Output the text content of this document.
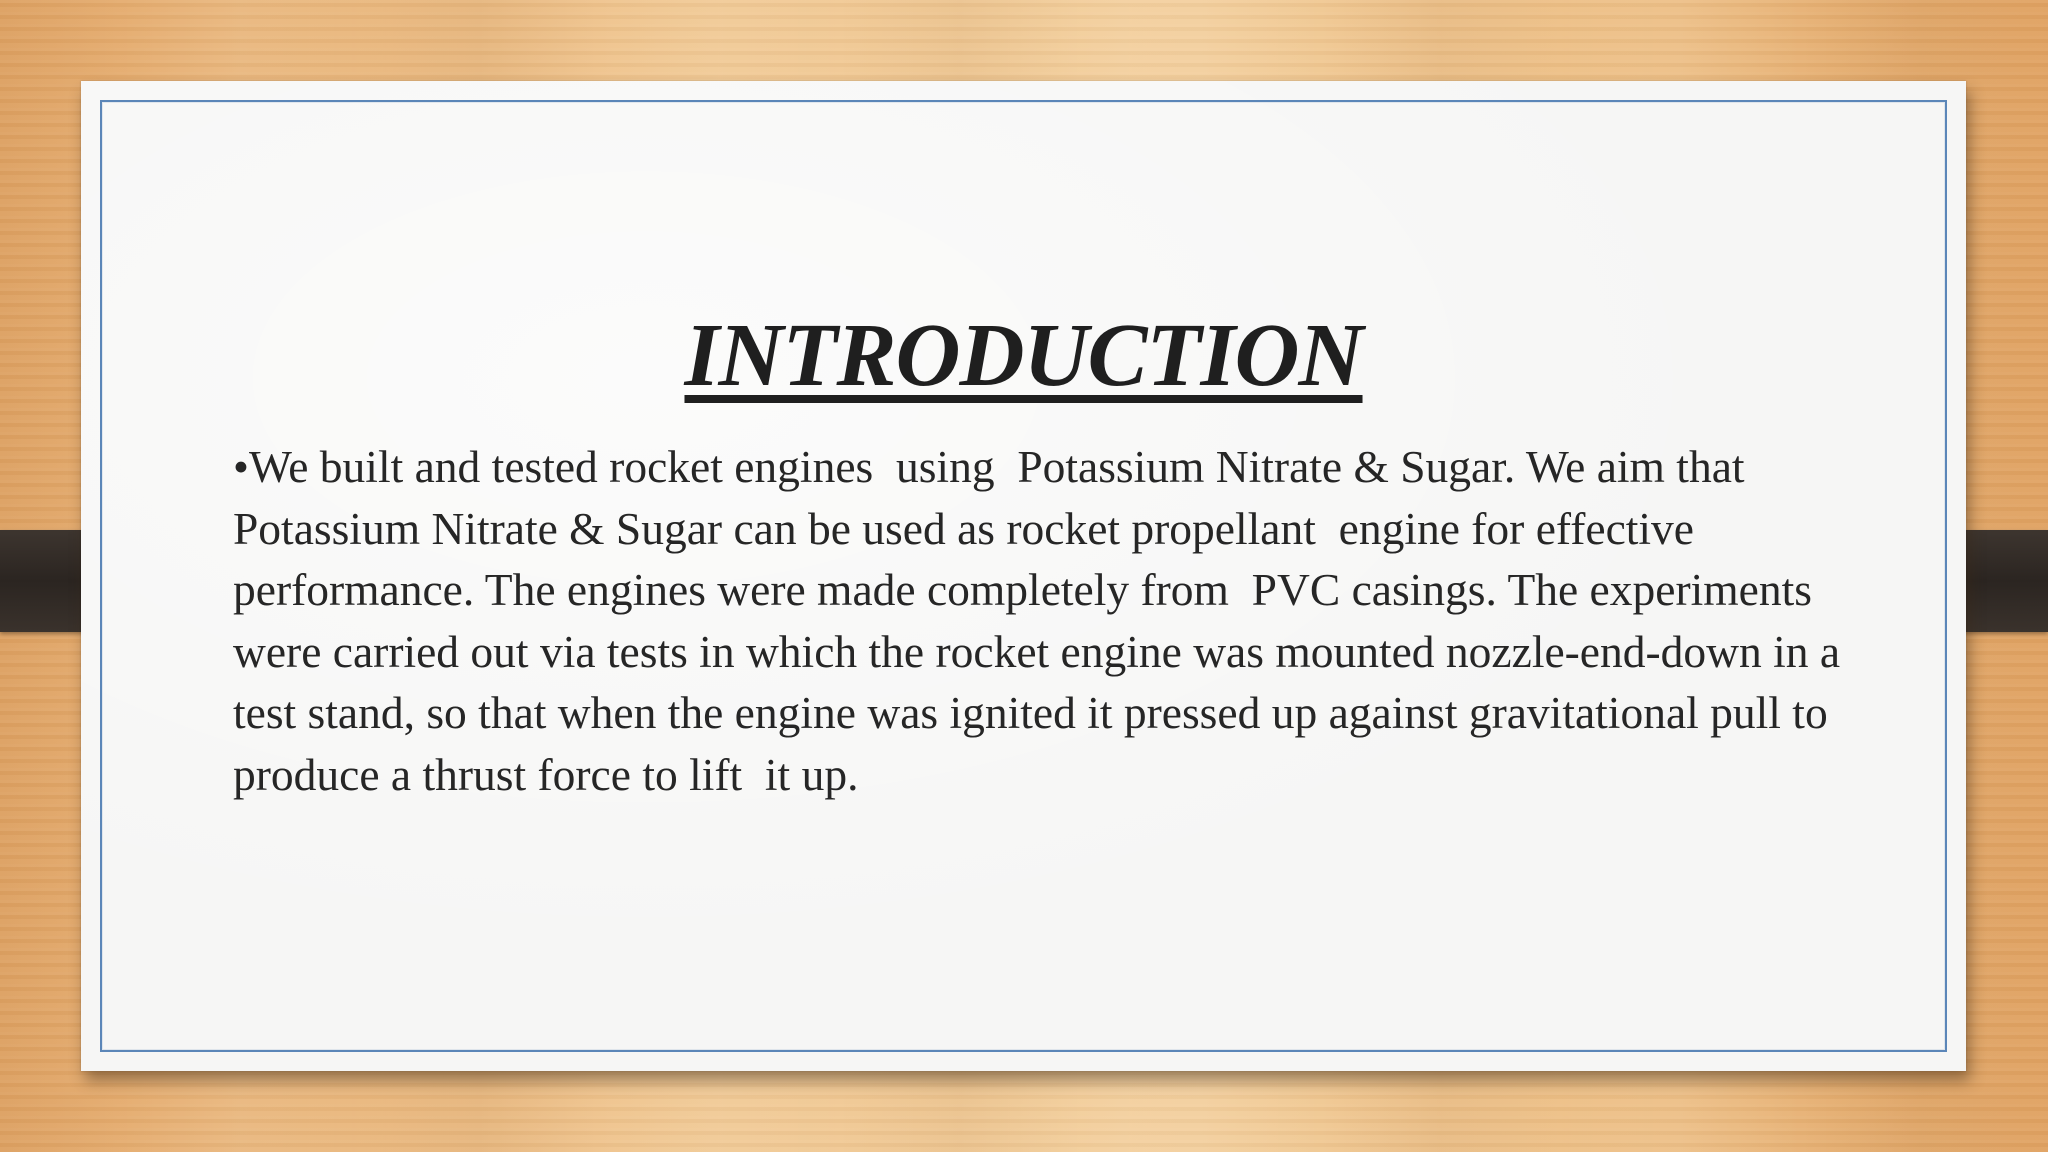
INTRODUCTION

•We built and tested rocket engines  using  Potassium Nitrate & Sugar. We aim that Potassium Nitrate & Sugar can be used as rocket propellant  engine for effective performance. The engines were made completely from  PVC casings. The experiments were carried out via tests in which the rocket engine was mounted nozzle-end-down in a test stand, so that when the engine was ignited it pressed up against gravitational pull to produce a thrust force to lift  it up.
